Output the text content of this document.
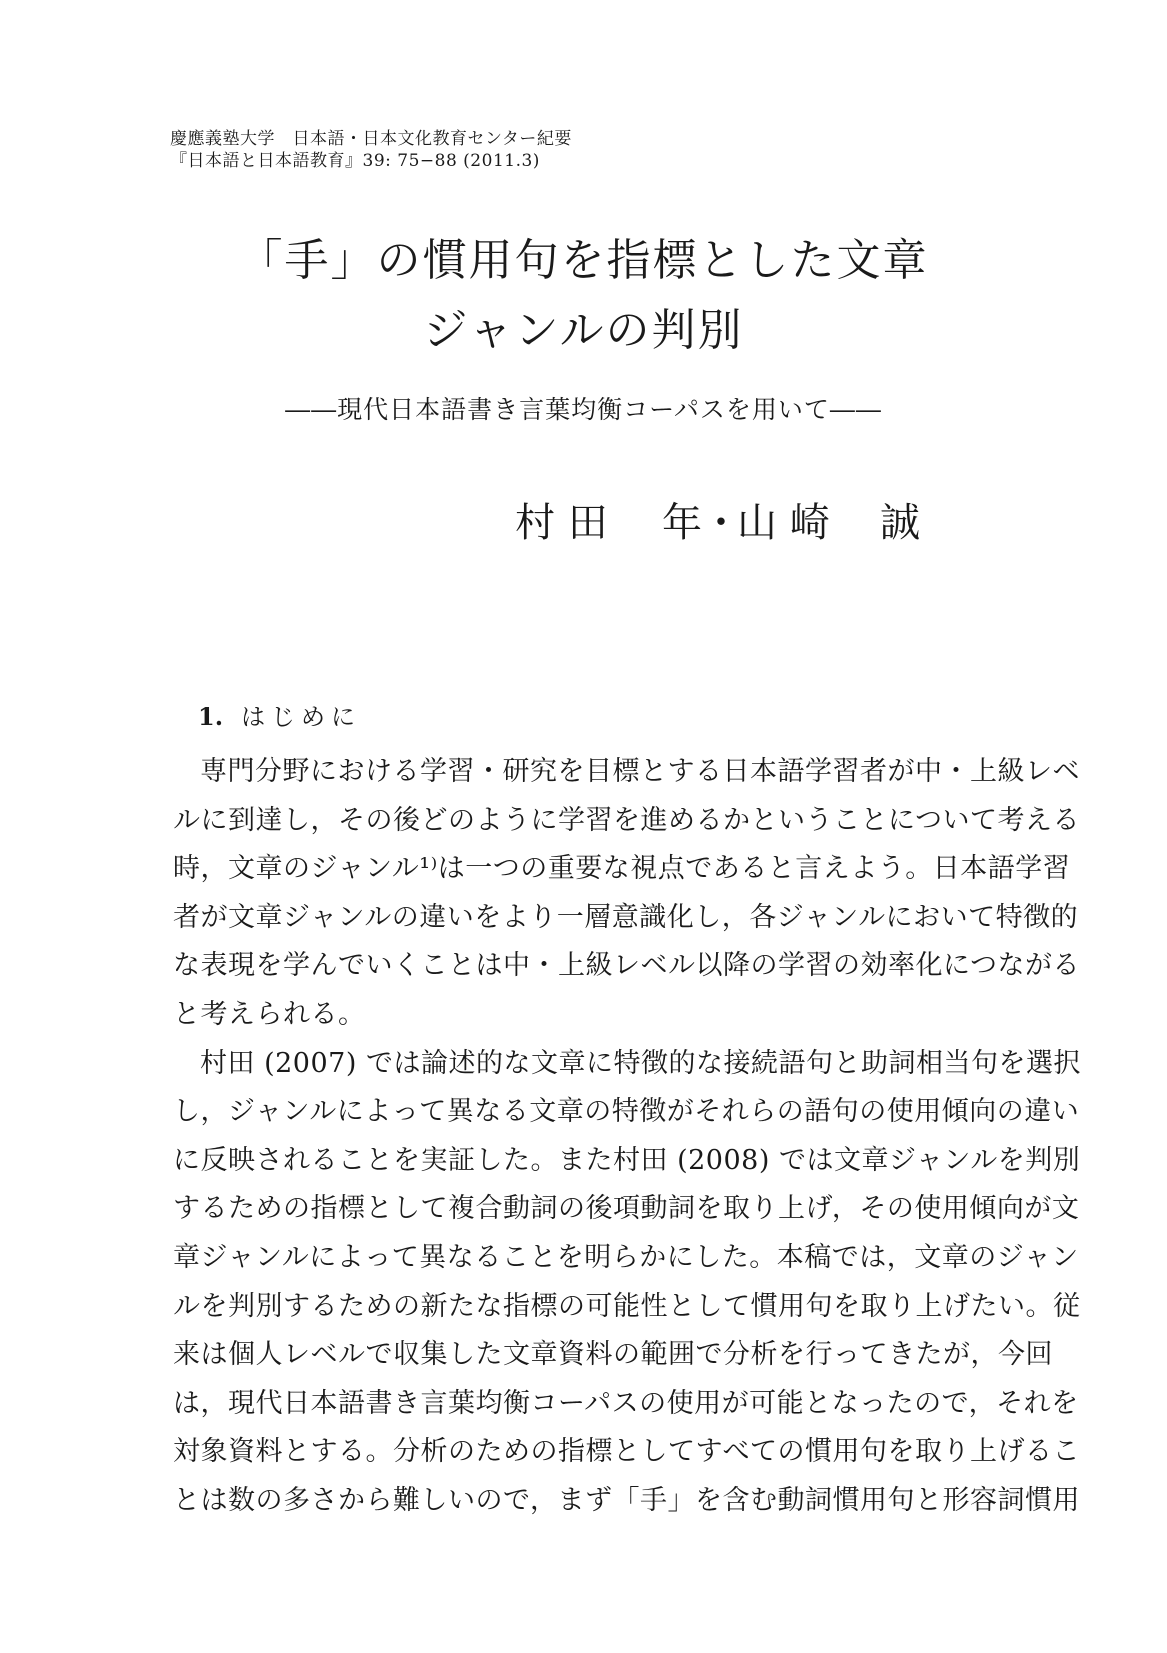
慶應義塾大学　日本語・日本文化教育センター紀要
『日本語と日本語教育』39: 75−88 (2011.3)
「手」の慣用句を指標とした文章
ジャンルの判別
――現代日本語書き言葉均衡コーパスを用いて――
村 田 年 ・
山 崎 誠
1. はじめに
専門分野における学習・研究を目標とする日本語学習者が中・上級レベ
ルに到達し，その後どのように学習を進めるかということについて考える
時，文章のジャンル¹⁾は一つの重要な視点であると言えよう。日本語学習
者が文章ジャンルの違いをより一層意識化し，各ジャンルにおいて特徴的
な表現を学んでいくことは中・上級レベル以降の学習の効率化につながる
と考えられる。
村田 (2007) では論述的な文章に特徴的な接続語句と助詞相当句を選択
し，ジャンルによって異なる文章の特徴がそれらの語句の使用傾向の違い
に反映されることを実証した。また村田 (2008) では文章ジャンルを判別
するための指標として複合動詞の後項動詞を取り上げ，その使用傾向が文
章ジャンルによって異なることを明らかにした。本稿では，文章のジャン
ルを判別するための新たな指標の可能性として慣用句を取り上げたい。従
来は個人レベルで収集した文章資料の範囲で分析を行ってきたが，今回
は，現代日本語書き言葉均衡コーパスの使用が可能となったので，それを
対象資料とする。分析のための指標としてすべての慣用句を取り上げるこ
とは数の多さから難しいので，まず「手」を含む動詞慣用句と形容詞慣用
